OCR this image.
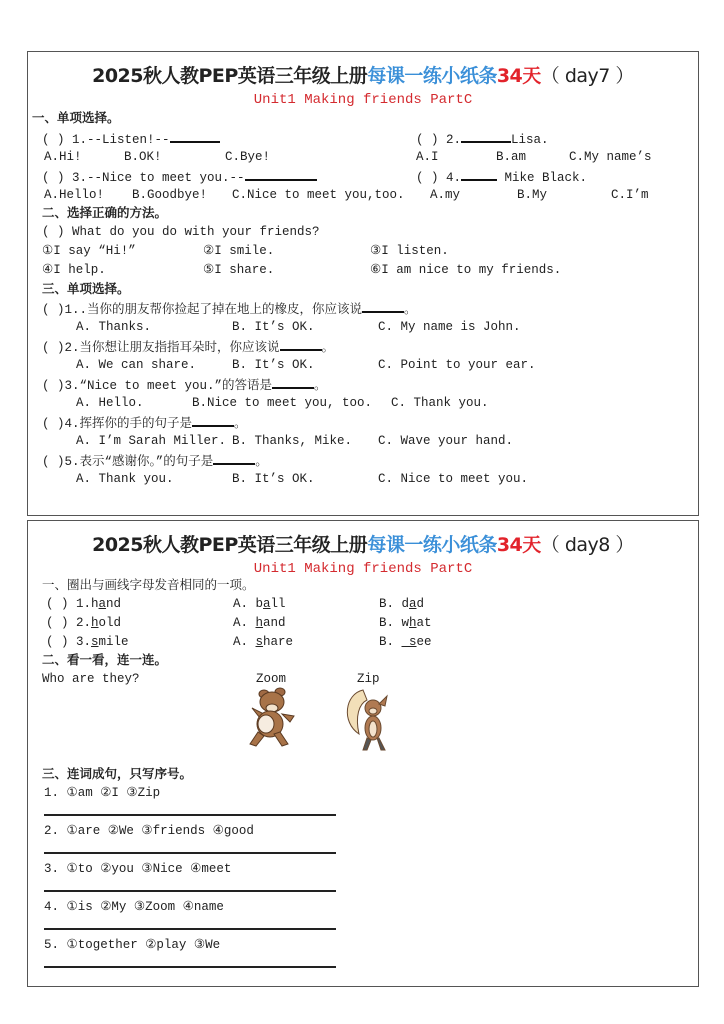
2025秋人教PEP英语三年级上册每课一练小纸条34天（ day7 ）
Unit1 Making friends PartC
一、单项选择。
( ) 1.--Listen!--
A.Hi!	B.OK!	C.Bye!
( ) 2.	Lisa.
A.I	B.am	C.My name’s
( ) 3.--Nice to meet you.--
A.Hello! B.Goodbye! C.Nice to meet you,too.
( ) 4.	Mike Black.
A.my	B.My	C.I’m
二、选择正确的方法。
( ) What do you do with your friends?
①I say “Hi!”	②I smile.	③I listen.
④I help.	⑤I share.	⑥I am nice to my friends.
三、单项选择。
( )1..当你的朋友帮你捡起了掉在地上的橡皮，你应该说	。
A. Thanks.	B. It’s OK.	C. My name is John.
( )2.当你想让朋友指指耳朵时，你应该说	。
A. We can share.	B. It’s OK.	C. Point to your ear.
( )3.“Nice to meet you.”的答语是	。
A. Hello.	B.Nice to meet you, too. C. Thank you.
( )4.挥挥你的手的句子是	。
A. I’m Sarah Miller. B. Thanks, Mike. C. Wave your hand.
( )5.表示“感谢你。”的句子是	。
A. Thank you.	B. It’s OK.	C. Nice to meet you.
2025秋人教PEP英语三年级上册每课一练小纸条34天（ day8 ）
Unit1 Making friends PartC
一、圈出与画线字母发音相同的一项。
( ) 1.hand	A. ball	B. dad
( ) 2.hold	A. hand	B. what
( ) 3.smile	A. share	B. _see
二、看一看，连一连。
Who are they?	Zoom	Zip
三、连词成句，只写序号。
1. ①am ②I ③Zip
2. ①are ②We ③friends ④good
3. ①to ②you ③Nice ④meet
4. ①is ②My ③Zoom ④name
5. ①together ②play ③We
